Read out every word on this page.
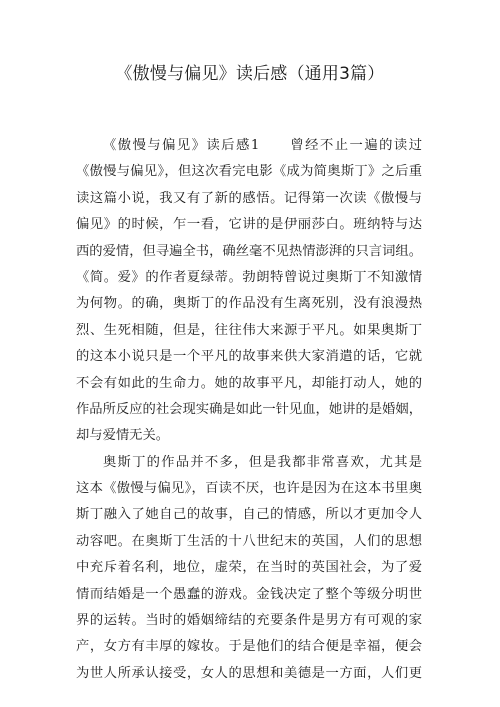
《傲慢与偏见》读后感（通用3篇）
《傲慢与偏见》读后感1　　曾经不止一遍的读过
《傲慢与偏见》，但这次看完电影《成为简奥斯丁》之后重
读这篇小说，我又有了新的感悟。记得第一次读《傲慢与
偏见》的时候，乍一看，它讲的是伊丽莎白。班纳特与达
西的爱情，但寻遍全书，确丝毫不见热情澎湃的只言词组。
《简。爱》的作者夏绿蒂。勃朗特曾说过奥斯丁不知激情
为何物。的确，奥斯丁的作品没有生离死别，没有浪漫热
烈、生死相随，但是，往往伟大来源于平凡。如果奥斯丁
的这本小说只是一个平凡的故事来供大家消遣的话，它就
不会有如此的生命力。她的故事平凡，却能打动人，她的
作品所反应的社会现实确是如此一针见血，她讲的是婚姻，
却与爱情无关。
奥斯丁的作品并不多，但是我都非常喜欢，尤其是
这本《傲慢与偏见》，百读不厌，也许是因为在这本书里奥
斯丁融入了她自己的故事，自己的情感，所以才更加令人
动容吧。在奥斯丁生活的十八世纪末的英国，人们的思想
中充斥着名利，地位，虚荣，在当时的英国社会，为了爱
情而结婚是一个愚蠢的游戏。金钱决定了整个等级分明世
界的运转。当时的婚姻缔结的充要条件是男方有可观的家
产，女方有丰厚的嫁妆。于是他们的结合便是幸福，便会
为世人所承认接受，女人的思想和美德是一方面，人们更
